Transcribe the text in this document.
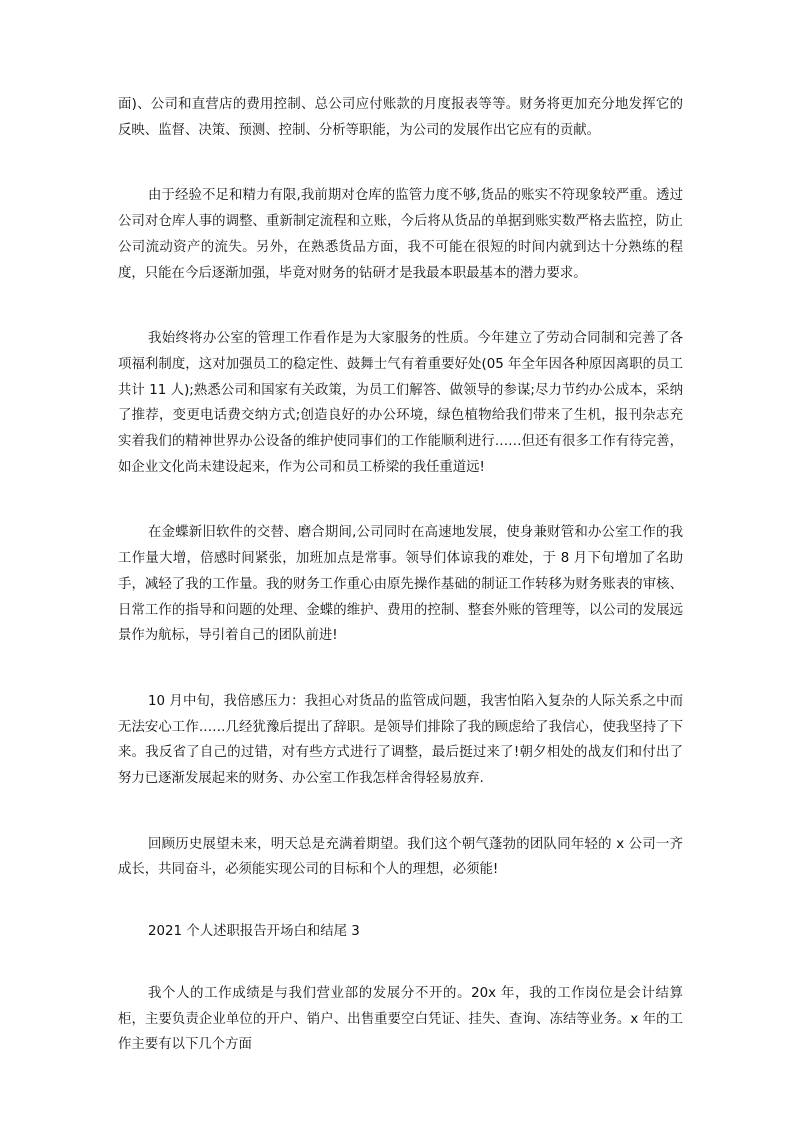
面)、公司和直营店的费用控制、总公司应付账款的月度报表等等。财务将更加充分地发挥它的反映、监督、决策、预测、控制、分析等职能，为公司的发展作出它应有的贡献。

由于经验不足和精力有限,我前期对仓库的监管力度不够,货品的账实不符现象较严重。透过公司对仓库人事的调整、重新制定流程和立账，今后将从货品的单据到账实数严格去监控，防止公司流动资产的流失。另外，在熟悉货品方面，我不可能在很短的时间内就到达十分熟练的程度，只能在今后逐渐加强，毕竟对财务的钻研才是我最本职最基本的潜力要求。

我始终将办公室的管理工作看作是为大家服务的性质。今年建立了劳动合同制和完善了各项福利制度，这对加强员工的稳定性、鼓舞士气有着重要好处(05 年全年因各种原因离职的员工共计 11 人);熟悉公司和国家有关政策，为员工们解答、做领导的参谋;尽力节约办公成本，采纳了推荐，变更电话费交纳方式;创造良好的办公环境，绿色植物给我们带来了生机，报刊杂志充实着我们的精神世界办公设备的维护使同事们的工作能顺利进行……但还有很多工作有待完善，如企业文化尚未建设起来，作为公司和员工桥梁的我任重道远!

在金蝶新旧软件的交替、磨合期间,公司同时在高速地发展，使身兼财管和办公室工作的我工作量大增，倍感时间紧张，加班加点是常事。领导们体谅我的难处，于 8 月下旬增加了名助手，减轻了我的工作量。我的财务工作重心由原先操作基础的制证工作转移为财务账表的审核、日常工作的指导和问题的处理、金蝶的维护、费用的控制、整套外账的管理等，以公司的发展远景作为航标，导引着自己的团队前进!

10 月中旬，我倍感压力：我担心对货品的监管成问题，我害怕陷入复杂的人际关系之中而无法安心工作……几经犹豫后提出了辞职。是领导们排除了我的顾虑给了我信心，使我坚持了下来。我反省了自己的过错，对有些方式进行了调整，最后挺过来了!朝夕相处的战友们和付出了努力已逐渐发展起来的财务、办公室工作我怎样舍得轻易放弃.

回顾历史展望未来，明天总是充满着期望。我们这个朝气蓬勃的团队同年轻的 x 公司一齐成长，共同奋斗，必须能实现公司的目标和个人的理想，必须能!

2021 个人述职报告开场白和结尾 3

我个人的工作成绩是与我们营业部的发展分不开的。20x 年，我的工作岗位是会计结算柜，主要负责企业单位的开户、销户、出售重要空白凭证、挂失、查询、冻结等业务。x 年的工作主要有以下几个方面
